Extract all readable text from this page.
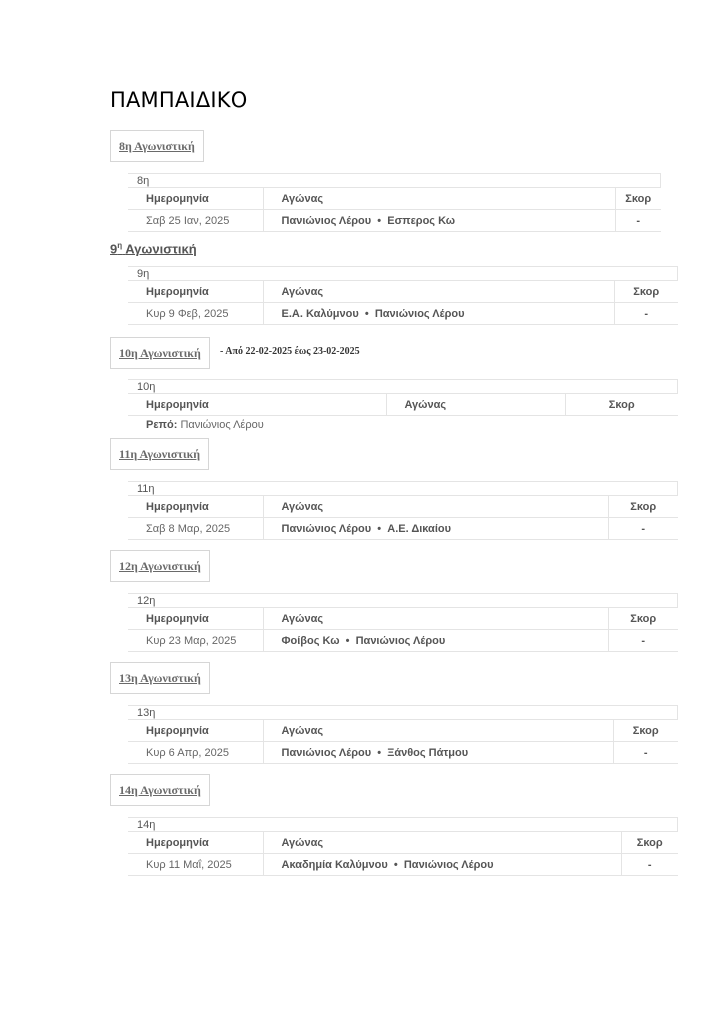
ΠΑΜΠΑΙΔΙΚΟ
8η Αγωνιστική
8η
Ημερομηνία	Αγώνας	Σκορ
Σαβ 25 Ιαν, 2025	Πανιώνιος Λέρου • Εσπερος Κω	-
$9^\eta$ Αγωνιστική
9η
Ημερομηνία	Αγώνας	Σκορ
Κυρ 9 Φεβ, 2025	Ε.Α. Καλύμνου • Πανιώνιος Λέρου	-
10η Αγωνιστική	- Από 22-02-2025 έως 23-02-2025
10η
Ημερομηνία	Αγώνας	Σκορ
Ρεπό: Πανιώνιος Λέρου
11η Αγωνιστική
11η
Ημερομηνία	Αγώνας	Σκορ
Σαβ 8 Μαρ, 2025	Πανιώνιος Λέρου • Α.Ε. Δικαίου	-
12η Αγωνιστική
12η
Ημερομηνία	Αγώνας	Σκορ
Κυρ 23 Μαρ, 2025	Φοίβος Κω • Πανιώνιος Λέρου	-
13η Αγωνιστική
13η
Ημερομηνία	Αγώνας	Σκορ
Κυρ 6 Απρ, 2025	Πανιώνιος Λέρου • Ξάνθος Πάτμου	-
14η Αγωνιστική
14η
Ημερομηνία	Αγώνας	Σκορ
Κυρ 11 Μαΐ, 2025	Ακαδημία Καλύμνου • Πανιώνιος Λέρου	-
